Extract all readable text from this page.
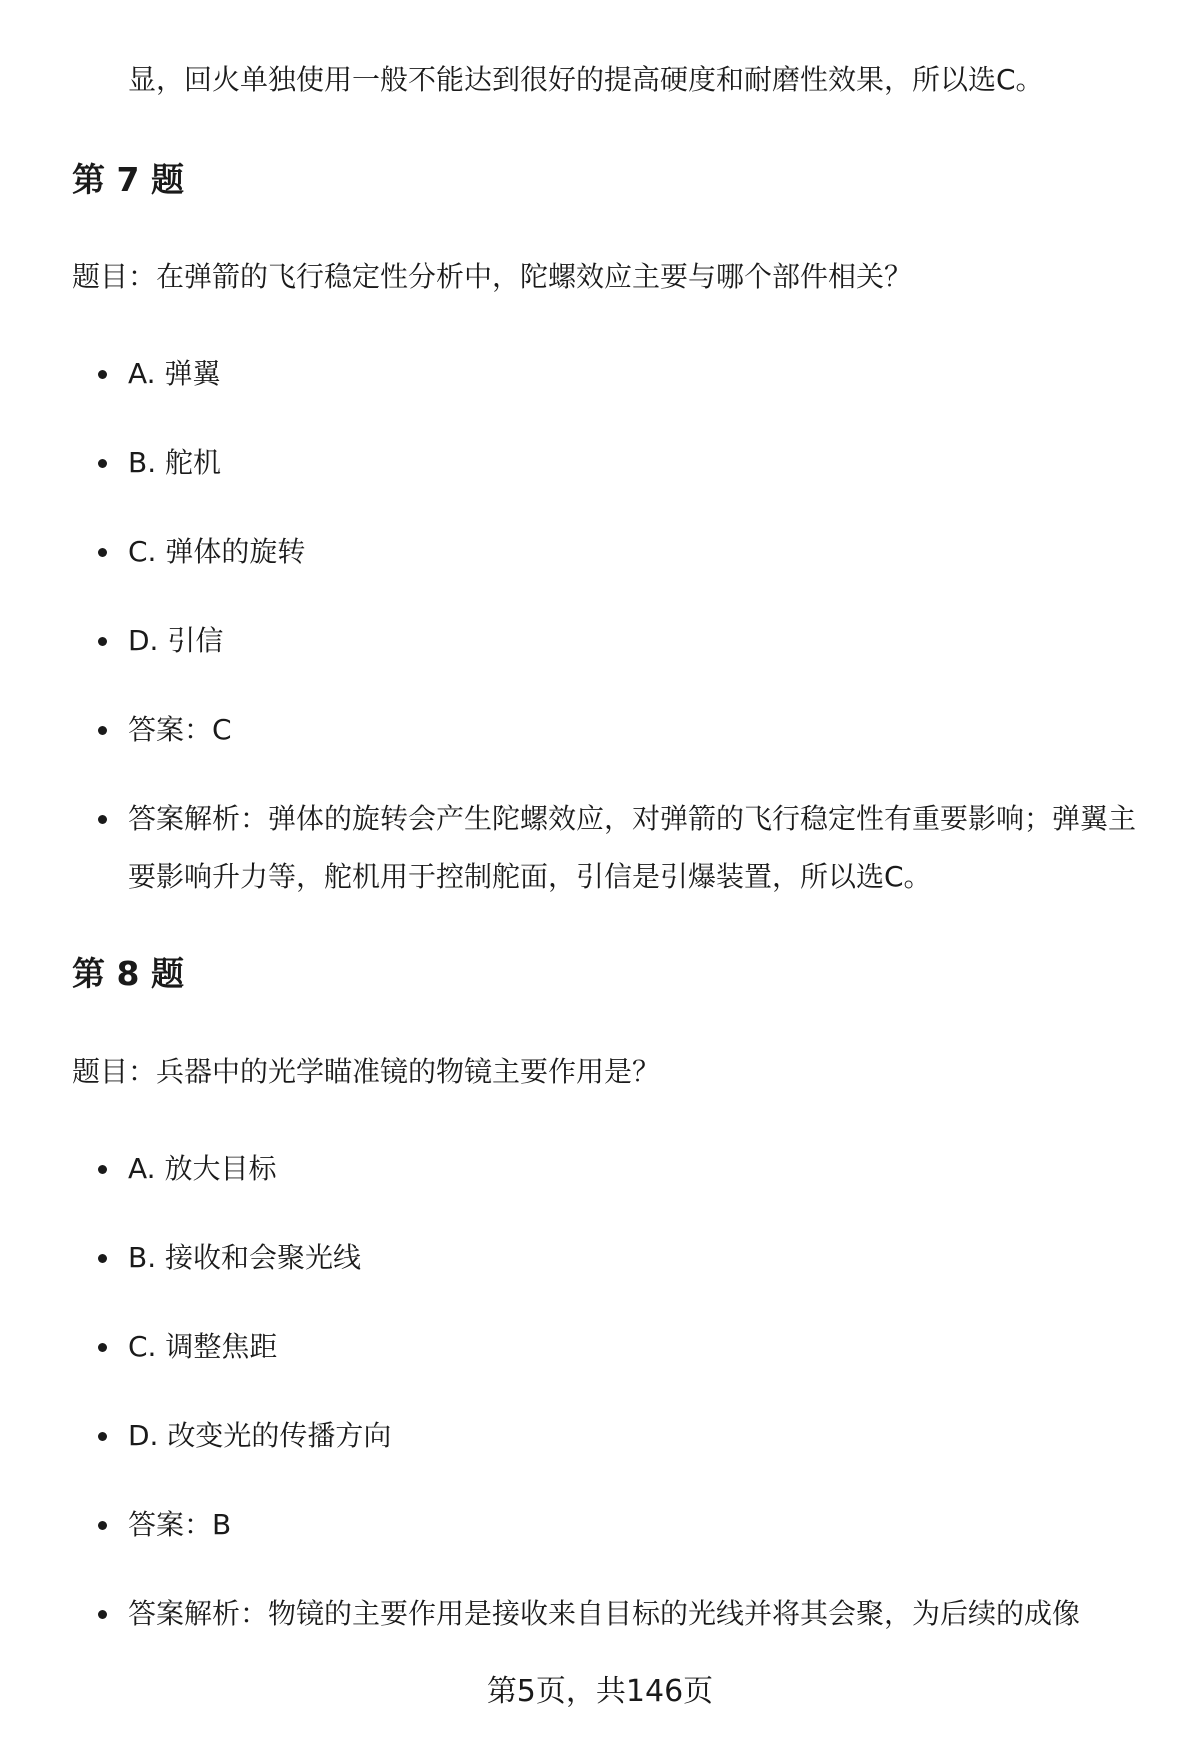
显，回火单独使用一般不能达到很好的提高硬度和耐磨性效果，所以选C。

第 7 题

题目：在弹箭的飞行稳定性分析中，陀螺效应主要与哪个部件相关？

A. 弹翼
B. 舵机
C. 弹体的旋转
D. 引信
答案：C
答案解析：弹体的旋转会产生陀螺效应，对弹箭的飞行稳定性有重要影响；弹翼主要影响升力等，舵机用于控制舵面，引信是引爆装置，所以选C。
第 8 题

题目：兵器中的光学瞄准镜的物镜主要作用是？

A. 放大目标
B. 接收和会聚光线
C. 调整焦距
D. 改变光的传播方向
答案：B
答案解析：物镜的主要作用是接收来自目标的光线并将其会聚，为后续的成像
第5页，共146页
